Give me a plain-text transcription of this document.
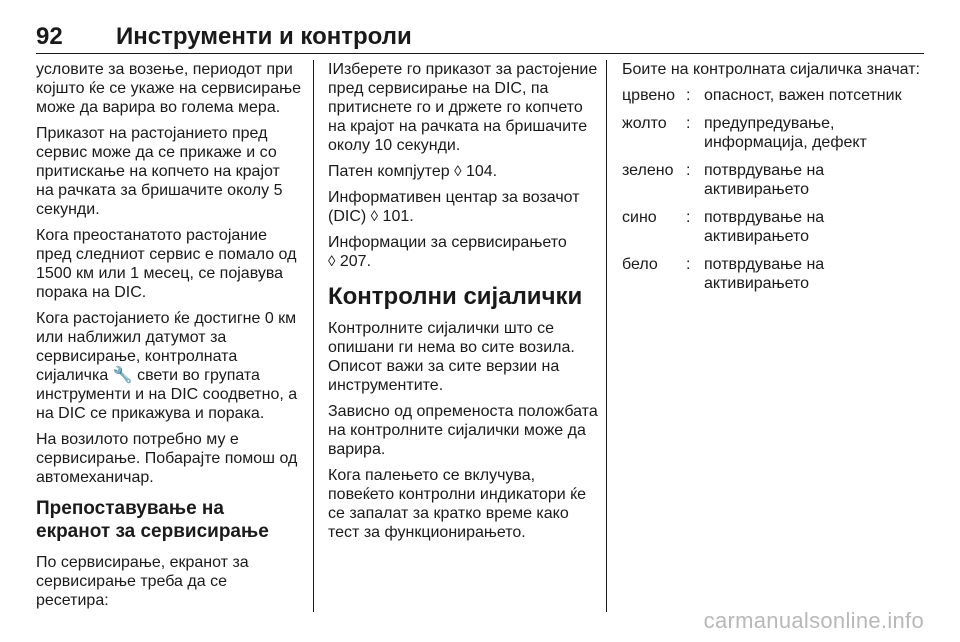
92 Инструменти и контроли

условите за возење, периодот при којшто ќе се укаже на сервисирање може да варира во голема мера.

Приказот на растојанието пред сервис може да се прикаже и со притискање на копчето на крајот на рачката за бришачите околу 5 секунди.

Кога преостанатото растојание пред следниот сервис е помало од 1500 км или 1 месец, се појавува порака на DIC.

Кога растојанието ќе достигне 0 км или наближил датумот за сервисирање, контролната сијаличка 🔧 свети во групата инструменти и на DIC соодветно, а на DIC се прикажува и порака.

На возилото потребно му е сервисирање. Побарајте помош од автомеханичар.

Препоставување на екранот за сервисирање

По сервисирање, екранот за сервисирање треба да се ресетира:

IИзберете го приказот за растојение пред сервисирање на DIC, па притиснете го и држете го копчето на крајот на рачката на бришачите околу 10 секунди.

Патен компјутер ◊ 104.

Информативен центар за возачот (DIC) ◊ 101.

Информации за сервисирањето
◊ 207.

Контролни сијалички

Контролните сијалички што се опишани ги нема во сите возила. Описот важи за сите верзии на инструментите.

Зависно од опременоста положбата на контролните сијалички може да варира.

Кога палењето се вклучува, повеќето контролни индикатори ќе се запалат за кратко време како тест за функционирањето.

Боите на контролната сијаличка значат:

црвено	:	опасност, важен потсетник
жолто	:	предупредување, информација, дефект
зелено	:	потврдување на активирањето
сино	:	потврдување на активирањето
бело	:	потврдување на активирањето
carmanualsonline.info
